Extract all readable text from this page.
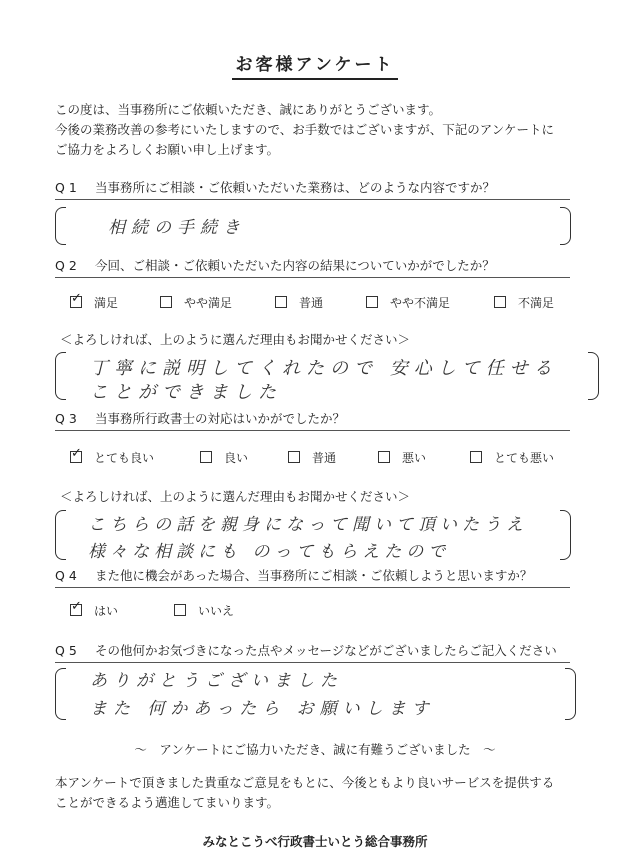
お客様アンケート
この度は、当事務所にご依頼いただき、誠にありがとうございます。
今後の業務改善の参考にいたしますので、お手数ではございますが、下記のアンケートに
ご協力をよろしくお願い申し上げます。
Q1 当事務所にご相談・ご依頼いただいた業務は、どのような内容ですか？
相続の手続き
Q2 今回、ご相談・ご依頼いただいた内容の結果についていかがでしたか？
✓ 満足	やや満足	普通	やや不満足	不満足
＜よろしければ、上のように選んだ理由もお聞かせください＞
丁寧に説明してくれたので 安心して任せる
ことができました
Q3 当事務所行政書士の対応はいかがでしたか？
✓ とても良い	良い	普通	悪い	とても悪い
＜よろしければ、上のように選んだ理由もお聞かせください＞
こちらの話を親身になって聞いて頂いたうえ
様々な相談にも のってもらえたので
Q4 また他に機会があった場合、当事務所にご相談・ご依頼しようと思いますか？
✓ はい	いいえ
Q5 その他何かお気づきになった点やメッセージなどがございましたらご記入ください
ありがとうございました
また 何かあったら お願いします
～　アンケートにご協力いただき、誠に有難うございました　～
本アンケートで頂きました貴重なご意見をもとに、今後ともより良いサービスを提供する
ことができるよう邁進してまいります。
みなとこうべ行政書士いとう総合事務所
